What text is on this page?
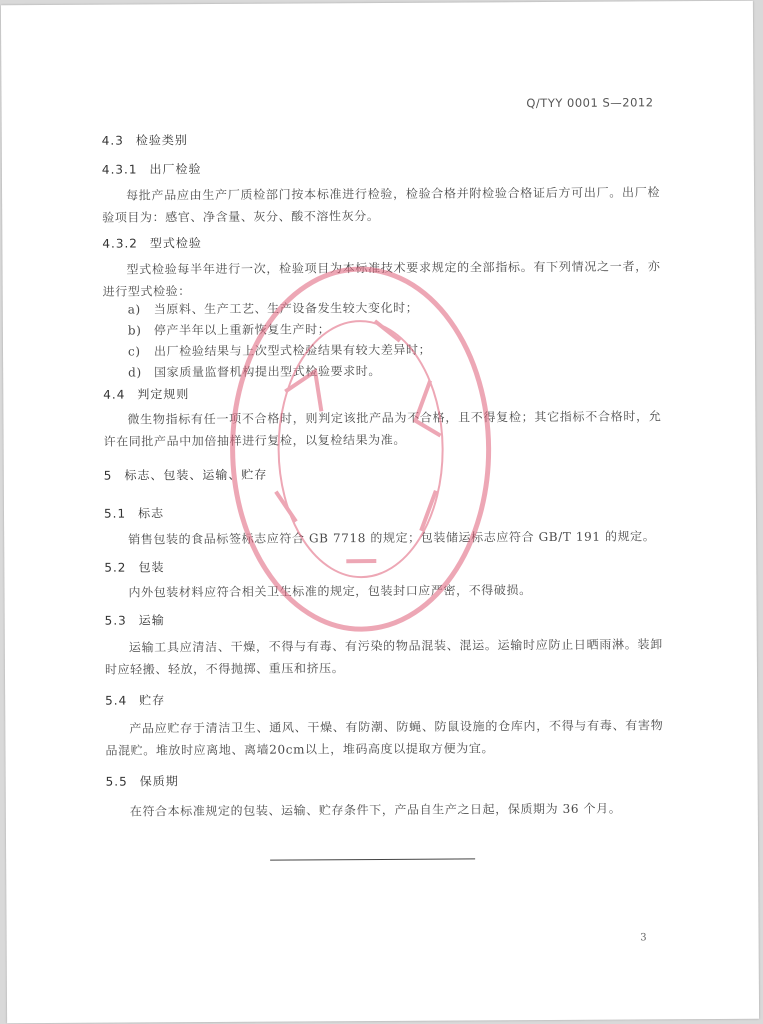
Q/TYY 0001 S—2012
4.3 检验类别
4.3.1 出厂检验
每批产品应由生产厂质检部门按本标准进行检验，检验合格并附检验合格证后方可出厂。出厂检验项目为：感官、净含量、灰分、酸不溶性灰分。
4.3.2 型式检验
型式检验每半年进行一次，检验项目为本标准技术要求规定的全部指标。有下列情况之一者，亦进行型式检验：
a) 当原料、生产工艺、生产设备发生较大变化时；
b) 停产半年以上重新恢复生产时；
c) 出厂检验结果与上次型式检验结果有较大差异时；
d) 国家质量监督机构提出型式检验要求时。
4.4 判定规则
微生物指标有任一项不合格时，则判定该批产品为不合格，且不得复检；其它指标不合格时，允许在同批产品中加倍抽样进行复检，以复检结果为准。
5 标志、包装、运输、贮存
5.1 标志
销售包装的食品标签标志应符合 GB 7718 的规定；包装储运标志应符合 GB/T 191 的规定。
5.2 包装
内外包装材料应符合相关卫生标准的规定，包装封口应严密，不得破损。
5.3 运输
运输工具应清洁、干燥，不得与有毒、有污染的物品混装、混运。运输时应防止日晒雨淋。装卸时应轻搬、轻放，不得抛掷、重压和挤压。
5.4 贮存
产品应贮存于清洁卫生、通风、干燥、有防潮、防蝇、防鼠设施的仓库内，不得与有毒、有害物品混贮。堆放时应离地、离墙20cm以上，堆码高度以提取方便为宜。
5.5 保质期
在符合本标准规定的包装、运输、贮存条件下，产品自生产之日起，保质期为 36 个月。
3
